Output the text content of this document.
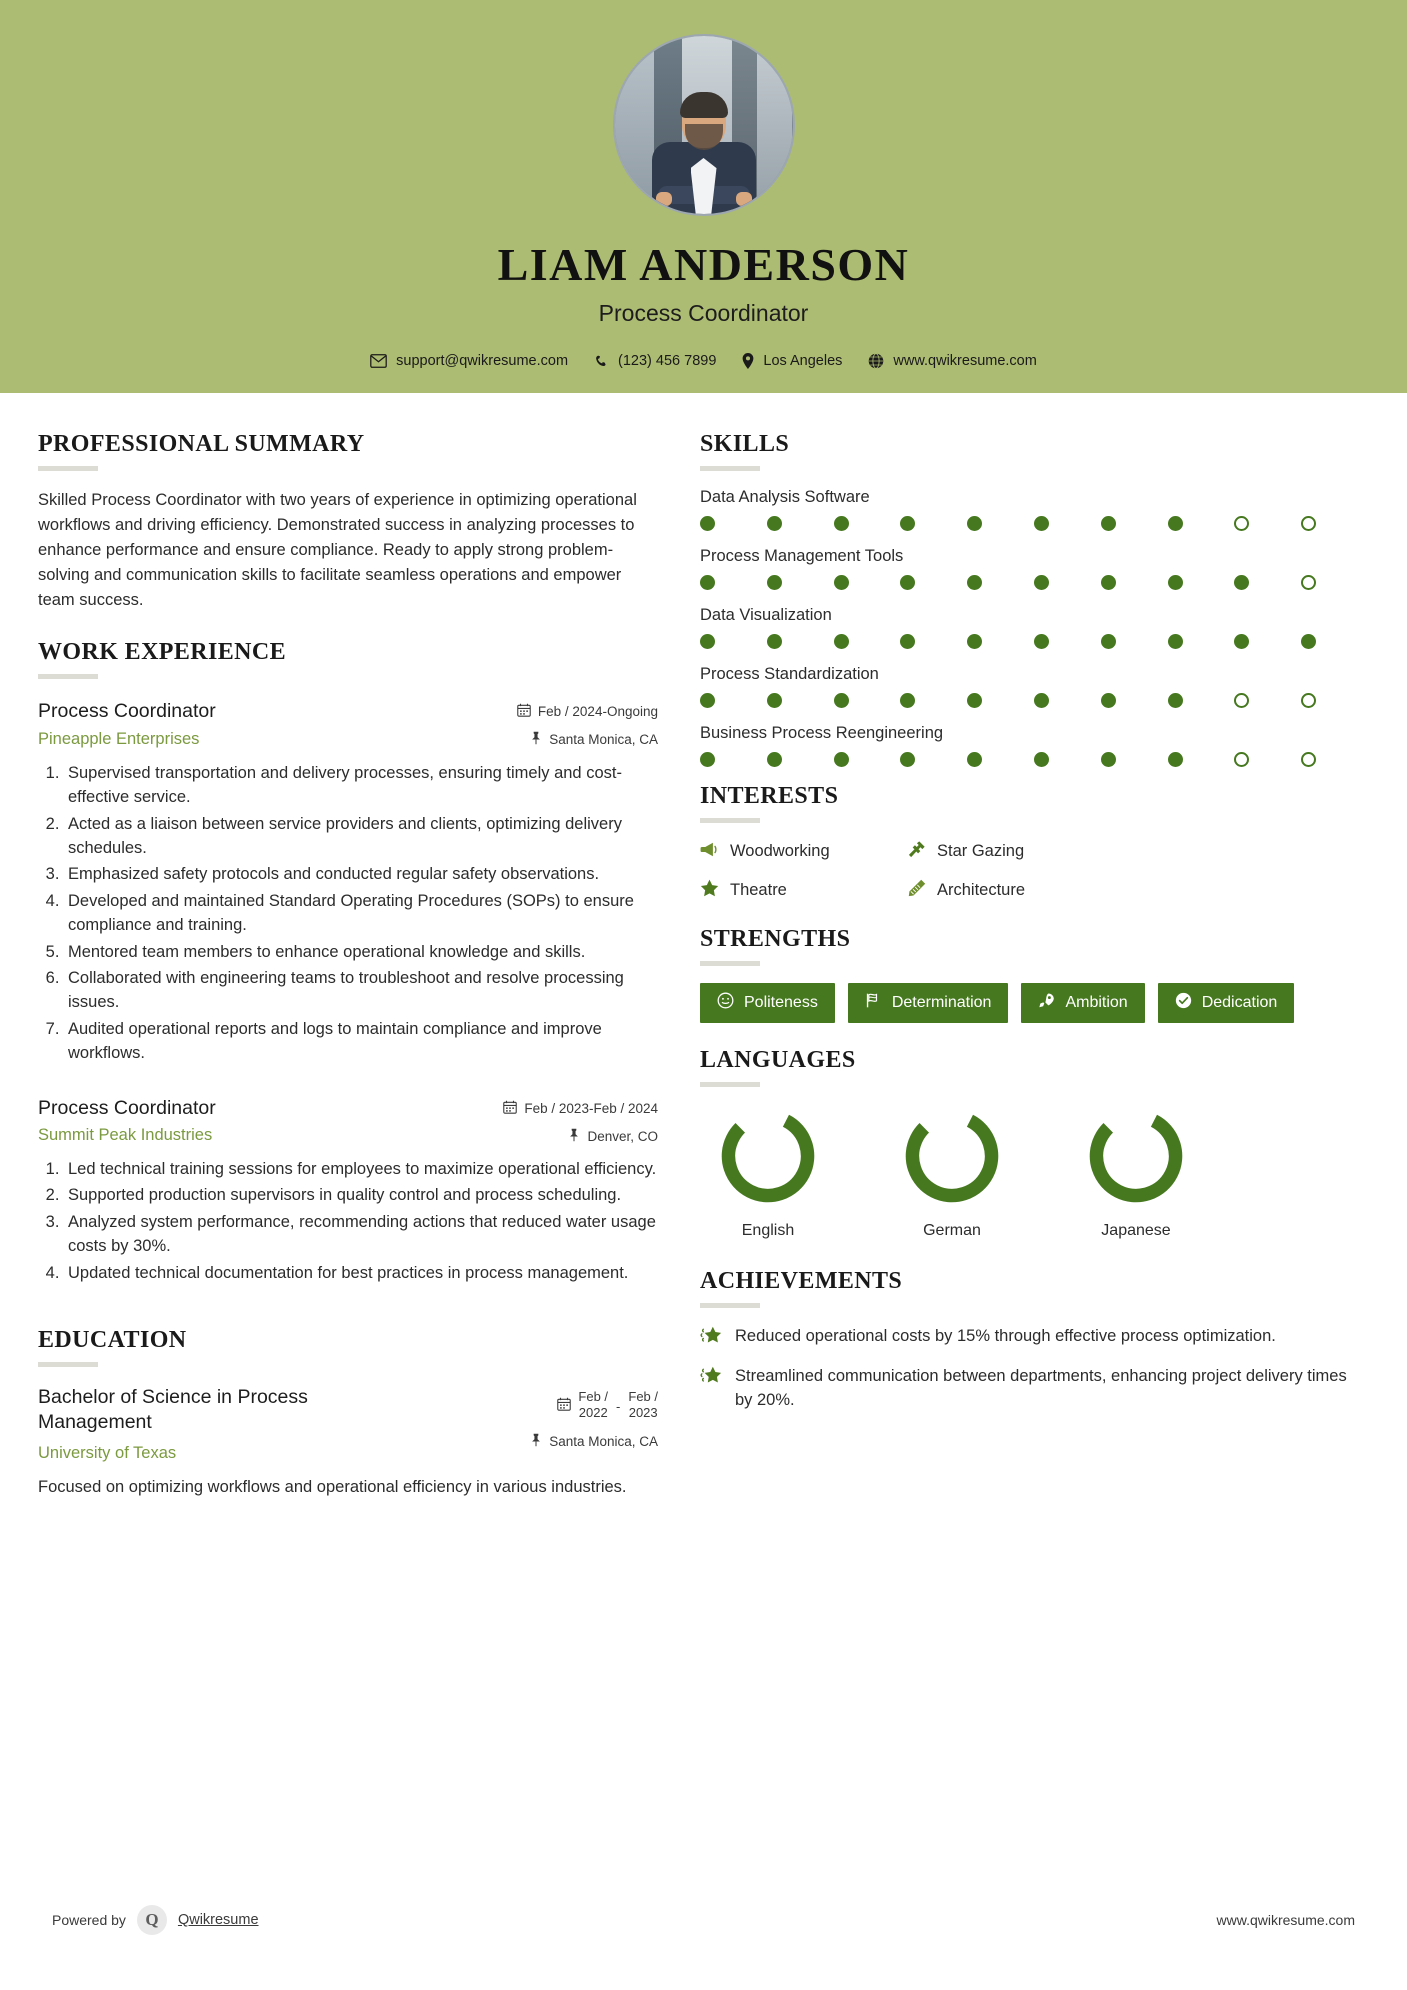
LIAM ANDERSON
Process Coordinator
support@qwikresume.com	(123) 456 7899	Los Angeles	www.qwikresume.com
PROFESSIONAL SUMMARY

Skilled Process Coordinator with two years of experience in optimizing operational workflows and driving efficiency. Demonstrated success in analyzing processes to enhance performance and ensure compliance. Ready to apply strong problem-solving and communication skills to facilitate seamless operations and empower team success.

WORK EXPERIENCE
Process Coordinator
Pineapple Enterprises
Feb / 2024-Ongoing
Santa Monica, CA
1. Supervised transportation and delivery processes, ensuring timely and cost-effective service.
2. Acted as a liaison between service providers and clients, optimizing delivery schedules.
3. Emphasized safety protocols and conducted regular safety observations.
4. Developed and maintained Standard Operating Procedures (SOPs) to ensure compliance and training.
5. Mentored team members to enhance operational knowledge and skills.
6. Collaborated with engineering teams to troubleshoot and resolve processing issues.
7. Audited operational reports and logs to maintain compliance and improve workflows.
Process Coordinator
Summit Peak Industries
Feb / 2023-Feb / 2024
Denver, CO
1. Led technical training sessions for employees to maximize operational efficiency.
2. Supported production supervisors in quality control and process scheduling.
3. Analyzed system performance, recommending actions that reduced water usage costs by 30%.
4. Updated technical documentation for best practices in process management.
EDUCATION
Bachelor of Science in Process Management
University of Texas
Feb /
2022 -
Feb /
2023
Santa Monica, CA

Focused on optimizing workflows and operational efficiency in various industries.

SKILLS
Data Analysis Software
Process Management Tools
Data Visualization
Process Standardization
Business Process Reengineering
INTERESTS
Woodworking	Star Gazing
Theatre	Architecture
STRENGTHS
Politeness	Determination	Ambition	Dedication
LANGUAGES
English	German	Japanese
ACHIEVEMENTS
Reduced operational costs by 15% through effective process optimization.
Streamlined communication between departments, enhancing project delivery times by 20%.
Powered by	Q	Qwikresume	www.qwikresume.com
